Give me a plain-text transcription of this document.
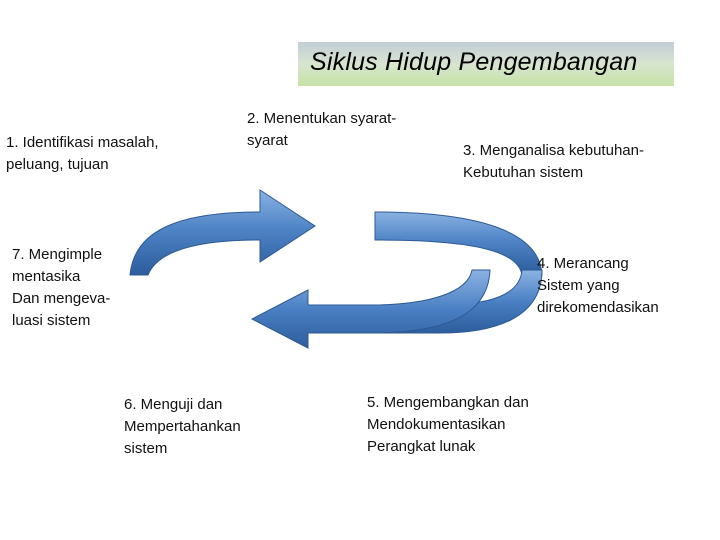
Siklus Hidup Pengembangan
1. Identifikasi masalah,
peluang, tujuan
2. Menentukan syarat-
syarat
3. Menganalisa kebutuhan-
Kebutuhan sistem
4. Merancang
Sistem yang
direkomendasikan
5. Mengembangkan dan
Mendokumentasikan
Perangkat lunak
6. Menguji dan
Mempertahankan
sistem
7. Mengimple
mentasika
Dan mengeva-
luasi sistem
